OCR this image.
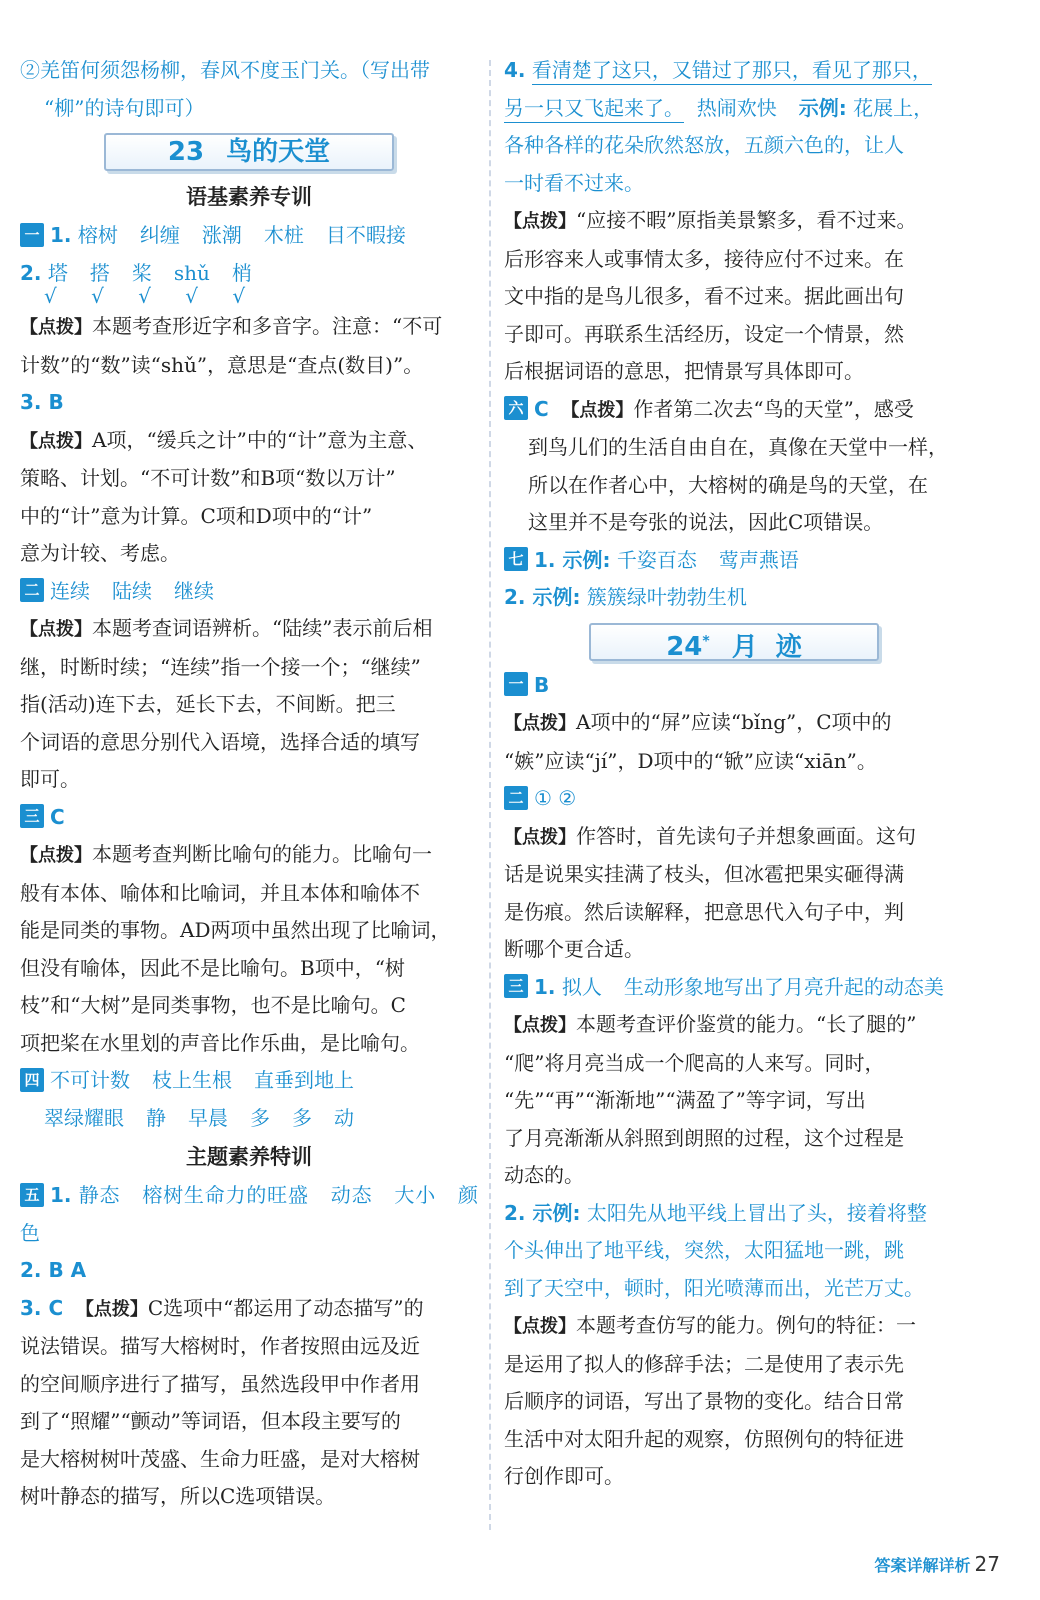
②羌笛何须怨杨柳，春风不度玉门关。（写出带
“柳”的诗句即可）
23 鸟的天堂
语基素养专训
一 1. 榕树 纠缠 涨潮 木桩 目不暇接
2. 塔 搭 桨 shǔ 梢
√ √ √ √ √
【点拨】本题考查形近字和多音字。注意：“不可
计数”的“数”读“shǔ”，意思是“查点(数目)”。
3. B
【点拨】A项，“缓兵之计”中的“计”意为主意、
策略、计划。“不可计数”和B项“数以万计”
中的“计”意为计算。C项和D项中的“计”
意为计较、考虑。
二 连续 陆续 继续
【点拨】本题考查词语辨析。“陆续”表示前后相
继，时断时续；“连续”指一个接一个；“继续”
指(活动)连下去，延长下去，不间断。把三
个词语的意思分别代入语境，选择合适的填写
即可。
三 C
【点拨】本题考查判断比喻句的能力。比喻句一
般有本体、喻体和比喻词，并且本体和喻体不
能是同类的事物。AD两项中虽然出现了比喻词，
但没有喻体，因此不是比喻句。B项中，“树
枝”和“大树”是同类事物，也不是比喻句。C
项把桨在水里划的声音比作乐曲，是比喻句。
四 不可计数 枝上生根 直垂到地上
翠绿耀眼 静 早晨 多 多 动
主题素养特训
五 1. 静态 榕树生命力的旺盛 动态 大小 颜色
2. B A
3. C 【点拨】C选项中“都运用了动态描写”的
说法错误。描写大榕树时，作者按照由远及近
的空间顺序进行了描写，虽然选段甲中作者用
到了“照耀”“颤动”等词语，但本段主要写的
是大榕树树叶茂盛、生命力旺盛，是对大榕树
树叶静态的描写，所以C选项错误。
4. 看清楚了这只，又错过了那只，看见了那只，
另一只又飞起来了。 热闹欢快 示例: 花展上，
各种各样的花朵欣然怒放，五颜六色的，让人
一时看不过来。
【点拨】“应接不暇”原指美景繁多，看不过来。
后形容来人或事情太多，接待应付不过来。在
文中指的是鸟儿很多，看不过来。据此画出句
子即可。再联系生活经历，设定一个情景，然
后根据词语的意思，把情景写具体即可。
六 C 【点拨】作者第二次去“鸟的天堂”，感受
到鸟儿们的生活自由自在，真像在天堂中一样，
所以在作者心中，大榕树的确是鸟的天堂，在
这里并不是夸张的说法，因此C项错误。
七 1. 示例: 千姿百态 莺声燕语
2. 示例: 簇簇绿叶勃勃生机
24* 月  迹
一 B
【点拨】A项中的“屏”应读“bǐng”，C项中的
“嫉”应读“jí”，D项中的“锨”应读“xiān”。
二 ① ②
【点拨】作答时，首先读句子并想象画面。这句
话是说果实挂满了枝头，但冰雹把果实砸得满
是伤痕。然后读解释，把意思代入句子中，判
断哪个更合适。
三 1. 拟人 生动形象地写出了月亮升起的动态美
【点拨】本题考查评价鉴赏的能力。“长了腿的”
“爬”将月亮当成一个爬高的人来写。同时，
“先”“再”“渐渐地”“满盈了”等字词，写出
了月亮渐渐从斜照到朗照的过程，这个过程是
动态的。
2. 示例: 太阳先从地平线上冒出了头，接着将整
个头伸出了地平线，突然，太阳猛地一跳，跳
到了天空中，顿时，阳光喷薄而出，光芒万丈。
【点拨】本题考查仿写的能力。例句的特征：一
是运用了拟人的修辞手法；二是使用了表示先
后顺序的词语，写出了景物的变化。结合日常
生活中对太阳升起的观察，仿照例句的特征进
行创作即可。
答案详解详析 27
